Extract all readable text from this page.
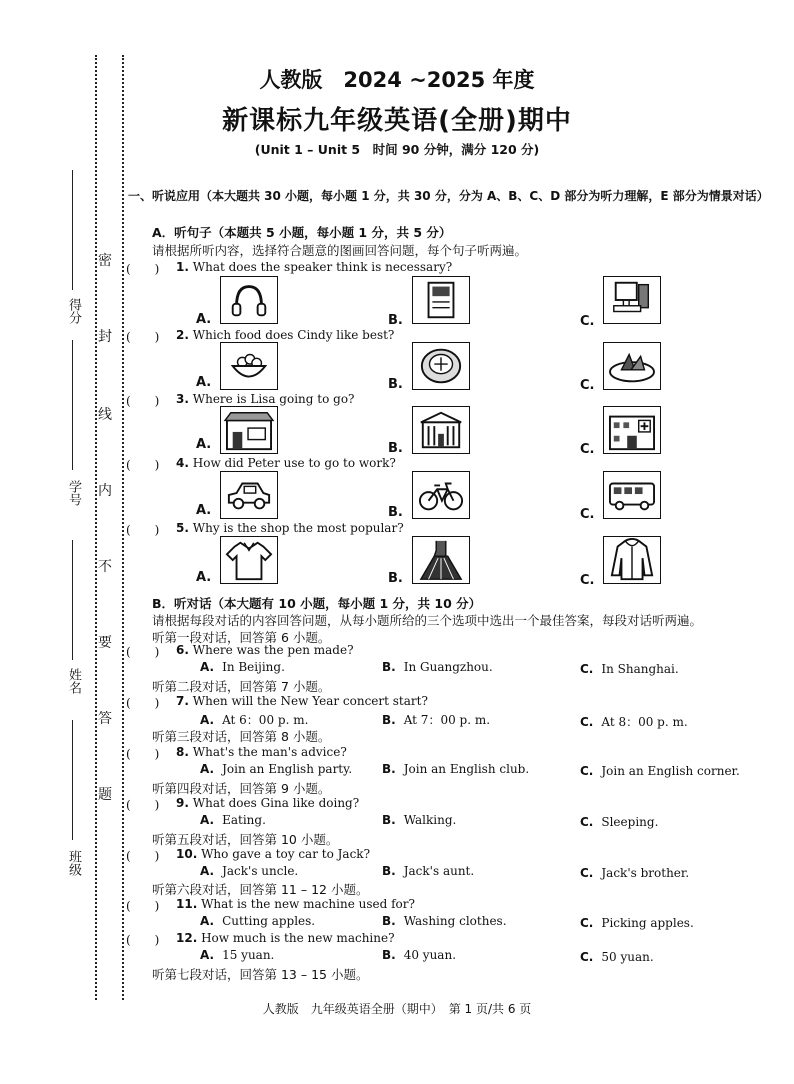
得分
学号
姓名
班级
密
封
线
内
不
要
答
题
人教版　2024 ~2025 年度
新课标九年级英语(全册)期中
(Unit 1 – Unit 5　时间 90 分钟，满分 120 分)
一、听说应用（本大题共 30 小题，每小题 1 分，共 30 分，分为 A、B、C、D 部分为听力理解，E 部分为情景对话）
A．听句子（本题共 5 小题，每小题 1 分，共 5 分）
请根据所听内容，选择符合题意的图画回答问题，每个句子听两遍。
(　　) 1. What does the speaker think is necessary?
A.	B.	C.
(　　) 2. Which food does Cindy like best?
A.	B.	C.
(　　) 3. Where is Lisa going to go?
A.	B.	C.
(　　) 4. How did Peter use to go to work?
A.	B.	C.
(　　) 5. Why is the shop the most popular?
A.	B.	C.
B．听对话（本大题有 10 小题，每小题 1 分，共 10 分）
请根据每段对话的内容回答问题，从每小题所给的三个选项中选出一个最佳答案，每段对话听两遍。
听第一段对话，回答第 6 小题。
(　　) 6. Where was the pen made?
A. In Beijing.	B. In Guangzhou.	C. In Shanghai.
听第二段对话，回答第 7 小题。
(　　) 7. When will the New Year concert start?
A. At 6：00 p. m.	B. At 7：00 p. m.	C. At 8：00 p. m.
听第三段对话，回答第 8 小题。
(　　) 8. What's the man's advice?
A. Join an English party. B. Join an English club.	C. Join an English corner.
听第四段对话，回答第 9 小题。
(　　) 9. What does Gina like doing?
A. Eating.	B. Walking.	C. Sleeping.
听第五段对话，回答第 10 小题。
(　　) 10. Who gave a toy car to Jack?
A. Jack's uncle.	B. Jack's aunt.	C. Jack's brother.
听第六段对话，回答第 11 – 12 小题。
(　　) 11. What is the new machine used for?
A. Cutting apples.	B. Washing clothes.	C. Picking apples.
(　　) 12. How much is the new machine?
A. 15 yuan.	B. 40 yuan.	C. 50 yuan.
听第七段对话，回答第 13 – 15 小题。
人教版　九年级英语全册（期中）　第 1 页/共 6 页
